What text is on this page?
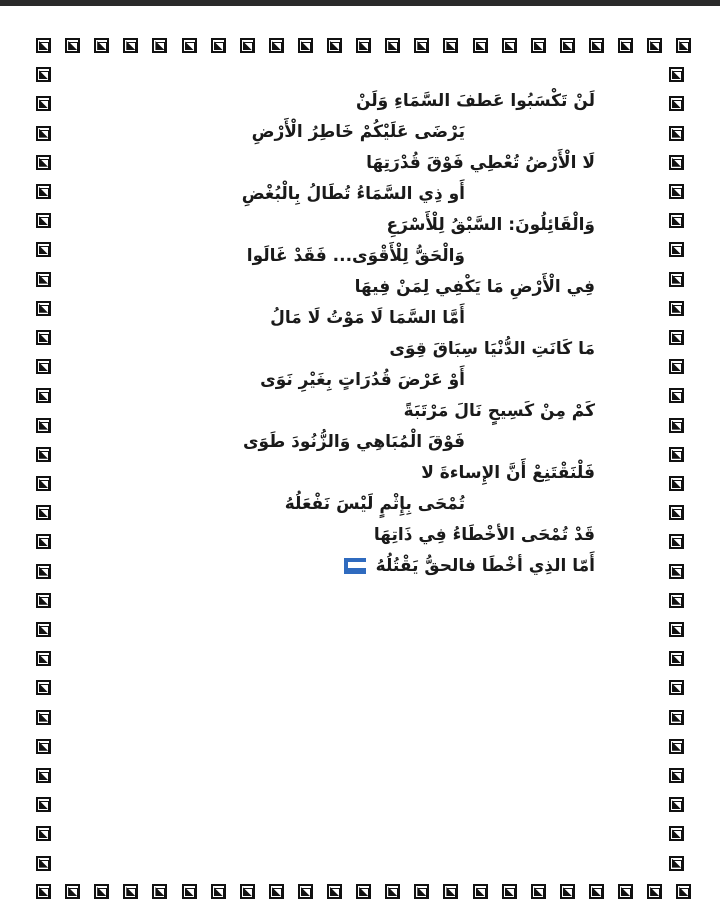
لَنْ تَكْسَبُوا عَطفَ السَّمَاءِ وَلَنْ
يَرْضَى عَلَيْكُمْ خَاطِرُ الْأَرْضِ
لَا الْأَرْضُ تُعْطِي فَوْقَ قُدْرَتِهَا
أَو ذِي السَّمَاءُ تُطَالُ بِالْبُغْضِ
وَالْقَائِلُونَ: السَّبْقُ لِلْأَسْرَعِ
وَالْحَقُّ لِلْأَقْوَى... فَقَدْ غَالَوا
فِي الْأَرْضِ مَا يَكْفِي لِمَنْ فِيهَا
أَمَّا السَّمَا لَا مَوْتُ لَا مَالُ
مَا كَانَتِ الدُّنْيَا سِبَاقَ قِوَى
أَوْ عَرْضَ قُدُرَاتٍ بِغَيْرِ نَوَى
كَمْ مِنْ كَسِيحٍ نَالَ مَرْتَبَةً
فَوْقَ الْمُبَاهِي وَالزُّنُودَ طَوَى
فَلْنَقْتَنِعْ أَنَّ الإِساءةَ لا
تُمْحَى بِإِثْمٍ لَيْسَ نَفْعَلُهُ
قَدْ تُمْحَى الأخْطَاءُ فِي ذَاتِهَا
أَمّا الذِي أخْطَا فالحقُّ يَقْتُلُهُ
